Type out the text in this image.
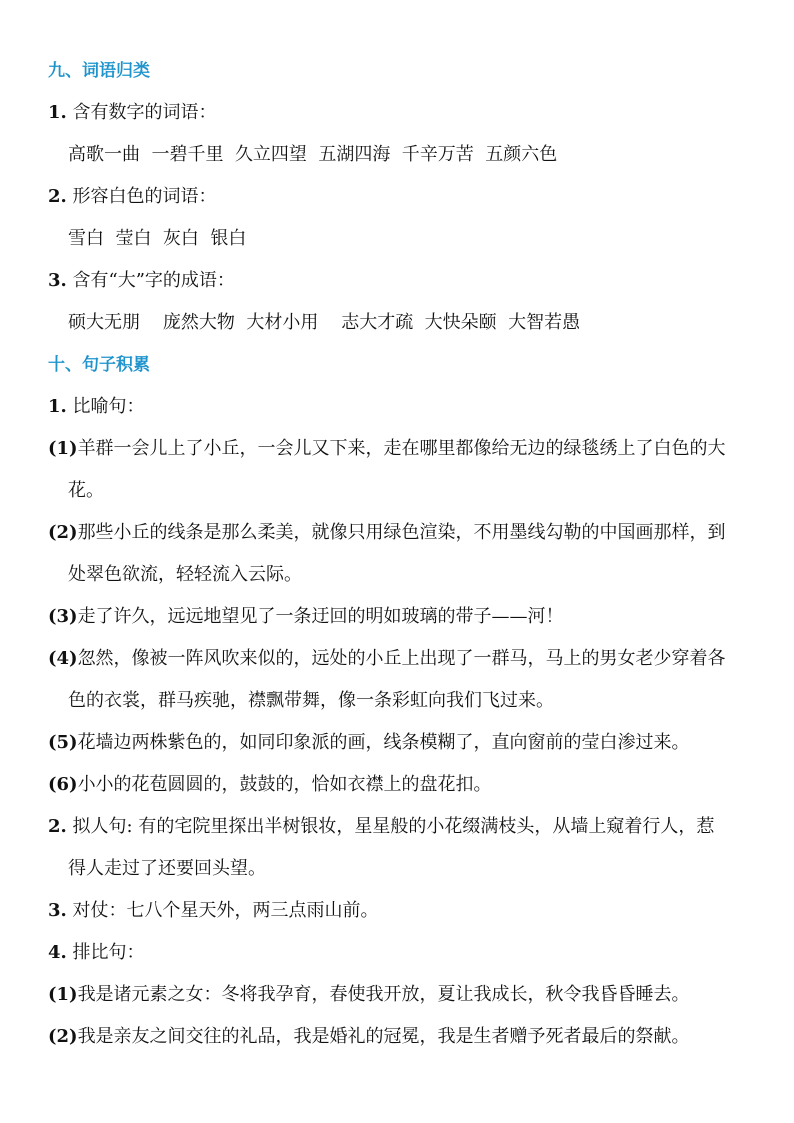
九、词语归类
1. 含有数字的词语：
高歌一曲  一碧千里  久立四望  五湖四海  千辛万苦  五颜六色
2. 形容白色的词语：
雪白  莹白  灰白  银白
3. 含有“大”字的成语：
硕大无朋    庞然大物  大材小用    志大才疏  大快朵颐  大智若愚
十、句子积累
1. 比喻句：
(1)羊群一会儿上了小丘，一会儿又下来，走在哪里都像给无边的绿毯绣上了白色的大
花。
(2)那些小丘的线条是那么柔美，就像只用绿色渲染，不用墨线勾勒的中国画那样，到
处翠色欲流，轻轻流入云际。
(3)走了许久，远远地望见了一条迂回的明如玻璃的带子——河！
(4)忽然，像被一阵风吹来似的，远处的小丘上出现了一群马，马上的男女老少穿着各
色的衣裳，群马疾驰，襟飘带舞，像一条彩虹向我们飞过来。
(5)花墙边两株紫色的，如同印象派的画，线条模糊了，直向窗前的莹白渗过来。
(6)小小的花苞圆圆的，鼓鼓的，恰如衣襟上的盘花扣。
2. 拟人句: 有的宅院里探出半树银妆，星星般的小花缀满枝头，从墙上窥着行人，惹
得人走过了还要回头望。
3. 对仗：七八个星天外，两三点雨山前。
4. 排比句：
(1)我是诸元素之女：冬将我孕育，春使我开放，夏让我成长，秋令我昏昏睡去。
(2)我是亲友之间交往的礼品，我是婚礼的冠冕，我是生者赠予死者最后的祭献。
